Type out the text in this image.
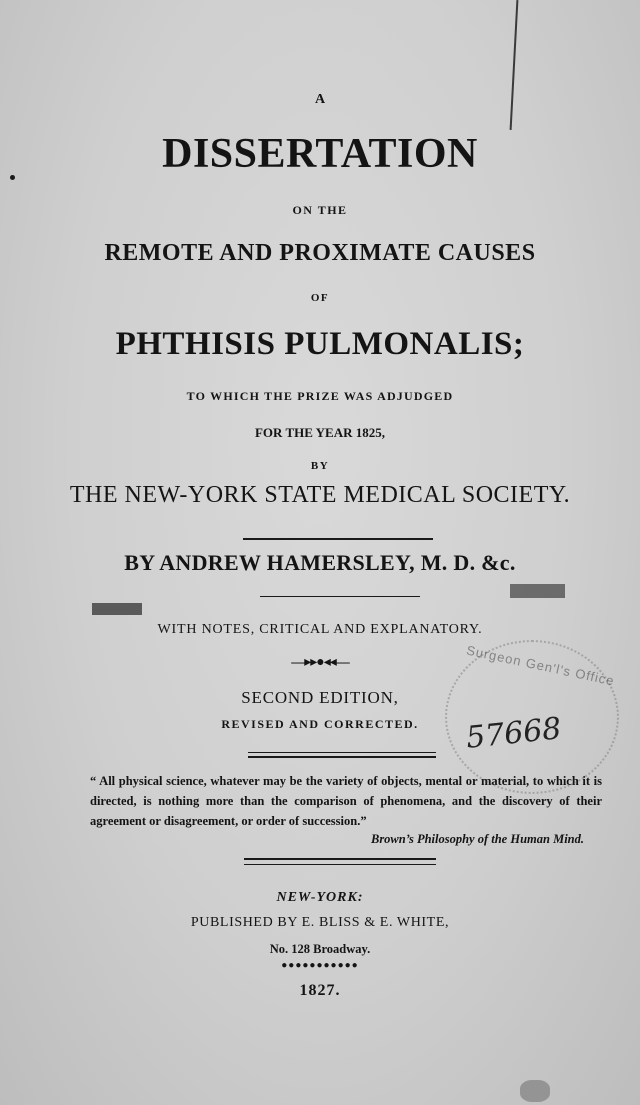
A
DISSERTATION
ON THE
REMOTE AND PROXIMATE CAUSES
OF
PHTHISIS PULMONALIS;
TO WHICH THE PRIZE WAS ADJUDGED
FOR THE YEAR 1825,
BY
THE NEW-YORK STATE MEDICAL SOCIETY.
BY ANDREW HAMERSLEY, M. D. &c.
WITH NOTES, CRITICAL AND EXPLANATORY.
—▸▸●◂◂—
SECOND EDITION,
REVISED AND CORRECTED.
“ All physical science, whatever may be the variety of objects, mental or material, to which it is directed, is nothing more than the comparison of phenomena, and the discovery of their agreement or disagreement, or order of succession.”
Brown’s Philosophy of the Human Mind.
NEW-YORK:
PUBLISHED BY E. BLISS & E. WHITE,
No. 128 Broadway.
●●●●●●●●●●●
1827.
Surgeon Gen'l's Office
57668
